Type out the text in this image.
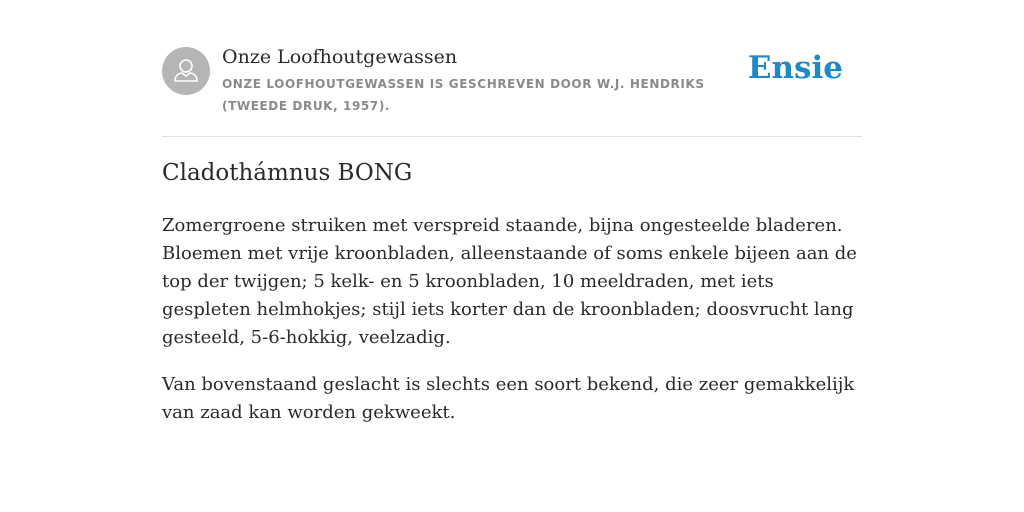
Onze Loofhoutgewassen
ONZE LOOFHOUTGEWASSEN IS GESCHREVEN DOOR W.J. HENDRIKS (TWEEDE DRUK, 1957).
Ensie
Cladothámnus BONG

Zomergroene struiken met verspreid staande, bijna ongesteelde bladeren. Bloemen met vrije kroonbladen, alleenstaande of soms enkele bijeen aan de top der twijgen; 5 kelk- en 5 kroonbladen, 10 meeldraden, met iets gespleten helmhokjes; stijl iets korter dan de kroonbladen; doosvrucht lang gesteeld, 5-6-hokkig, veelzadig.

Van bovenstaand geslacht is slechts een soort bekend, die zeer gemakkelijk van zaad kan worden gekweekt.
